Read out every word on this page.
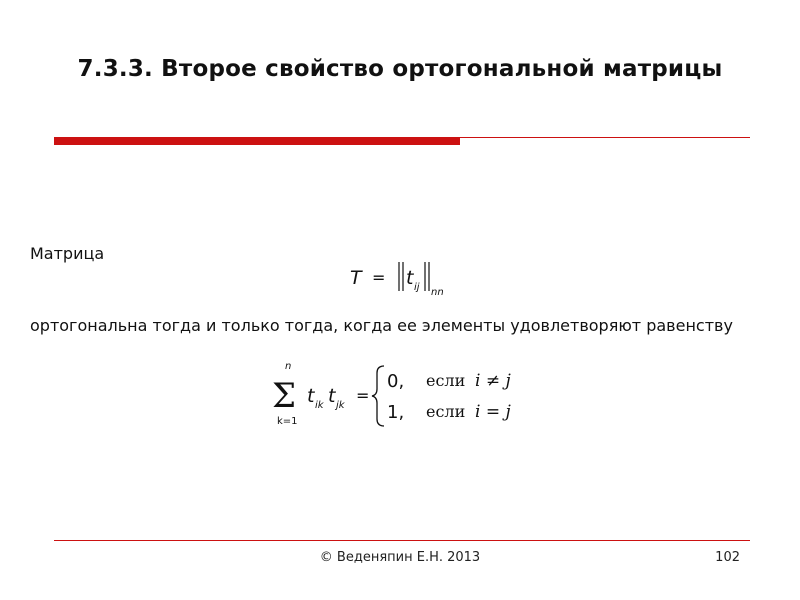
7.3.3. Второе свойство ортогональной матрицы
Матрица
T = t ij nn
ортогональна тогда и только тогда, когда ее элементы удовлетворяют равенству
n
Σ
k=1
t ik t jk
=
0, если i ≠ j
1, если i = j
© Веденяпин Е.Н. 2013	102
